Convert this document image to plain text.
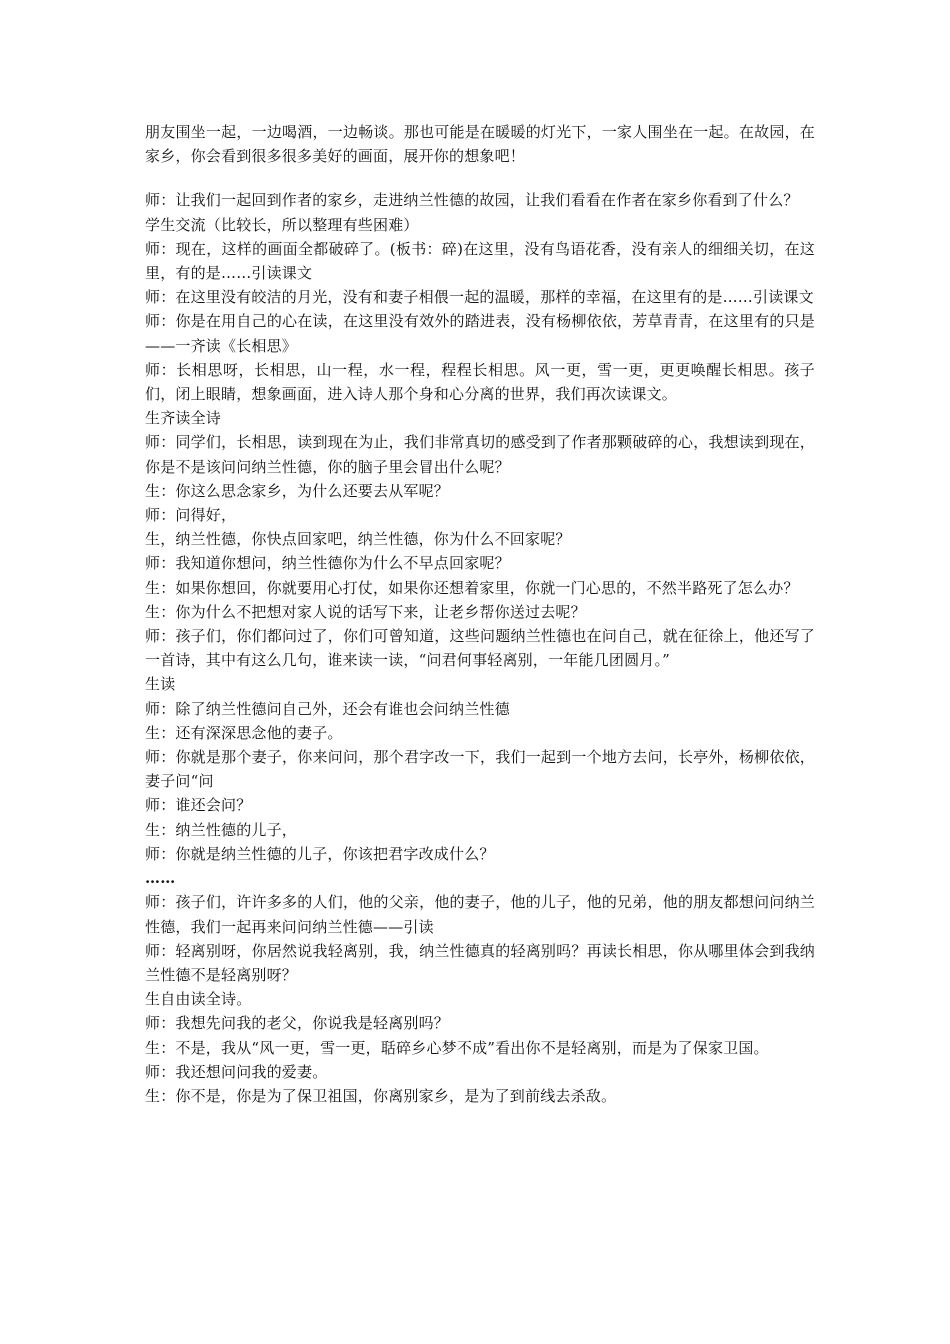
朋友围坐一起，一边喝酒，一边畅谈。那也可能是在暖暖的灯光下，一家人围坐在一起。在故园，在家乡，你会看到很多很多美好的画面，展开你的想象吧！

师：让我们一起回到作者的家乡，走进纳兰性德的故园，让我们看看在作者在家乡你看到了什么？

学生交流（比较长，所以整理有些困难）

师：现在，这样的画面全都破碎了。(板书：碎)在这里，没有鸟语花香，没有亲人的细细关切，在这里，有的是……引读课文

师：在这里没有皎洁的月光，没有和妻子相偎一起的温暖，那样的幸福，在这里有的是……引读课文

师：你是在用自己的心在读，在这里没有效外的踏进表，没有杨柳依依，芳草青青，在这里有的只是——一齐读《长相思》

师：长相思呀，长相思，山一程，水一程，程程长相思。风一更，雪一更，更更唤醒长相思。孩子们，闭上眼睛，想象画面，进入诗人那个身和心分离的世界，我们再次读课文。

生齐读全诗

师：同学们，长相思，读到现在为止，我们非常真切的感受到了作者那颗破碎的心，我想读到现在，你是不是该问问纳兰性德，你的脑子里会冒出什么呢？

生：你这么思念家乡，为什么还要去从军呢？

师：问得好，

生，纳兰性德，你快点回家吧，纳兰性德，你为什么不回家呢？

师：我知道你想问，纳兰性德你为什么不早点回家呢？

生：如果你想回，你就要用心打仗，如果你还想着家里，你就一门心思的，不然半路死了怎么办？

生：你为什么不把想对家人说的话写下来，让老乡帮你送过去呢？

师：孩子们，你们都问过了，你们可曾知道，这些问题纳兰性德也在问自己，就在征徐上，他还写了一首诗，其中有这么几句，谁来读一读，“问君何事轻离别，一年能几团圆月。”

生读

师：除了纳兰性德问自己外，还会有谁也会问纳兰性德

生：还有深深思念他的妻子。

师：你就是那个妻子，你来问问，那个君字改一下，我们一起到一个地方去问，长亭外，杨柳依依，妻子问“问

师：谁还会问？

生：纳兰性德的儿子，

师：你就是纳兰性德的儿子，你该把君字改成什么？

……

师：孩子们，许许多多的人们，他的父亲，他的妻子，他的儿子，他的兄弟，他的朋友都想问问纳兰性德，我们一起再来问问纳兰性德——引读

师：轻离别呀，你居然说我轻离别，我，纳兰性德真的轻离别吗？再读长相思，你从哪里体会到我纳兰性德不是轻离别呀？

生自由读全诗。

师：我想先问我的老父，你说我是轻离别吗？

生：不是，我从“风一更，雪一更，聒碎乡心梦不成”看出你不是轻离别，而是为了保家卫国。

师：我还想问问我的爱妻。

生：你不是，你是为了保卫祖国，你离别家乡，是为了到前线去杀敌。
